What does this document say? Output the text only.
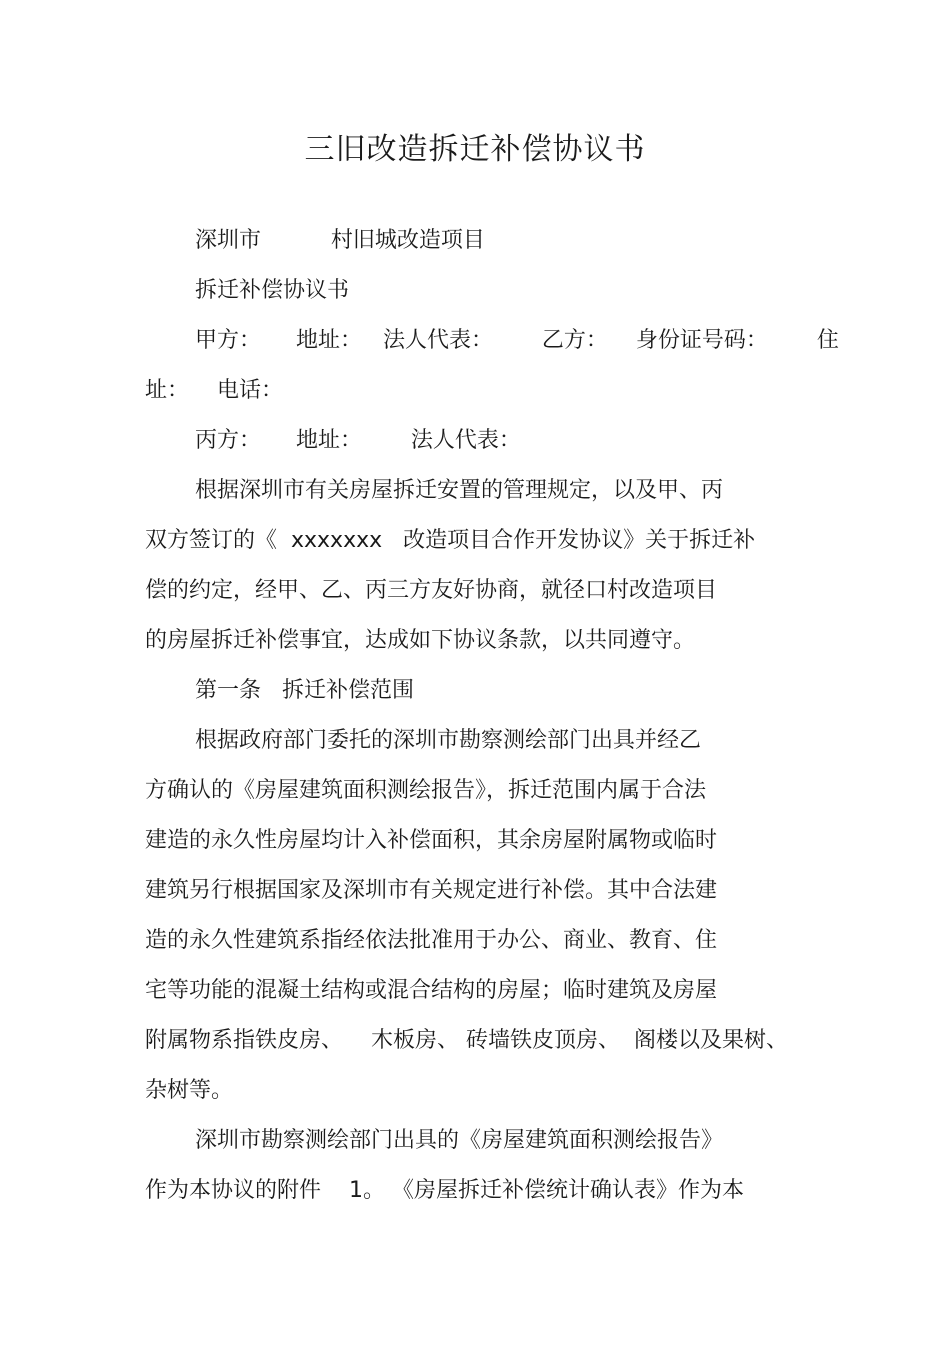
三旧改造拆迁补偿协议书
深圳市          村旧城改造项目
拆迁补偿协议书
甲方：     地址：   法人代表：       乙方：    身份证号码：       住
址：    电话：
丙方：     地址：       法人代表：
根据深圳市有关房屋拆迁安置的管理规定，以及甲、丙
双方签订的《  xxxxxxx   改造项目合作开发协议》关于拆迁补
偿的约定，经甲、乙、丙三方友好协商，就径口村改造项目
的房屋拆迁补偿事宜，达成如下协议条款，以共同遵守。
第一条   拆迁补偿范围
根据政府部门委托的深圳市勘察测绘部门出具并经乙
方确认的《房屋建筑面积测绘报告》，拆迁范围内属于合法
建造的永久性房屋均计入补偿面积，其余房屋附属物或临时
建筑另行根据国家及深圳市有关规定进行补偿。其中合法建
造的永久性建筑系指经依法批准用于办公、商业、教育、住
宅等功能的混凝土结构或混合结构的房屋；临时建筑及房屋
附属物系指铁皮房、    木板房、 砖墙铁皮顶房、  阁楼以及果树、
杂树等。
深圳市勘察测绘部门出具的《房屋建筑面积测绘报告》
作为本协议的附件    1。 《房屋拆迁补偿统计确认表》作为本
